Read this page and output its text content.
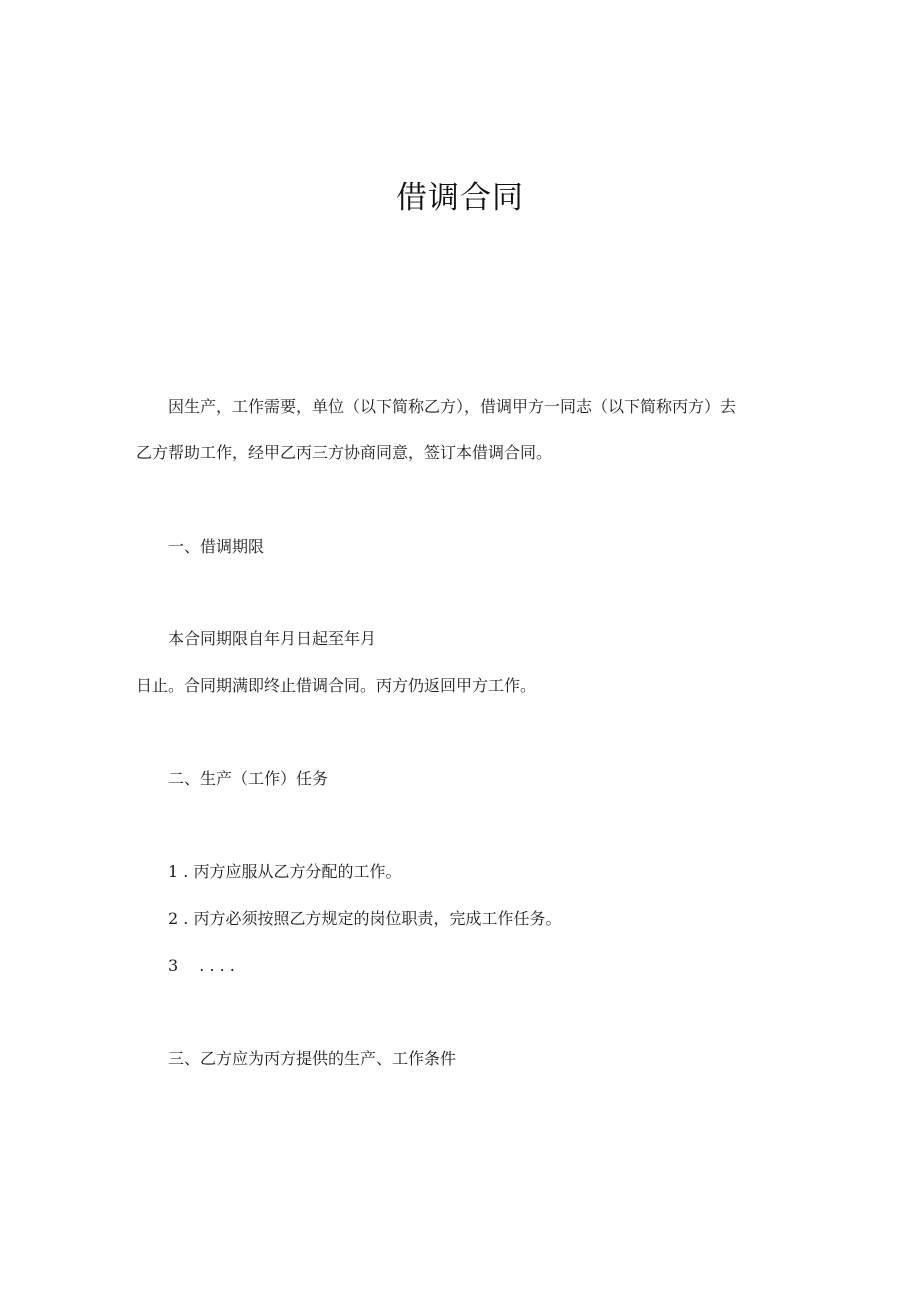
借调合同
因生产，工作需要，单位（以下简称乙方），借调甲方一同志（以下简称丙方）去
乙方帮助工作，经甲乙丙三方协商同意，签订本借调合同。
一、借调期限
本合同期限自年月日起至年月
日止。合同期满即终止借调合同。丙方仍返回甲方工作。
二、生产（工作）任务
1 . 丙方应服从乙方分配的工作。
2 . 丙方必须按照乙方规定的岗位职责，完成工作任务。
3 　. . . .
三、乙方应为丙方提供的生产、工作条件
